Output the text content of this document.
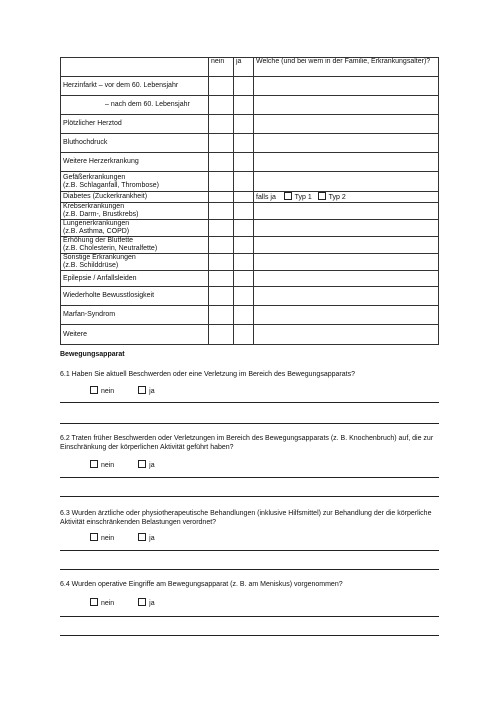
	nein	ja	Welche (und bei wem in der Familie, Erkrankungsalter)?
Herzinfarkt – vor dem 60. Lebensjahr			

– nach dem 60. Lebensjahr			

Plötzlicher Herztod			
Bluthochdruck			
Weitere Herzerkrankung			
Gefäßerkrankungen
(z.B. Schlaganfall, Thrombose)			
Diabetes (Zuckerkrankheit)			falls ja Typ 1 Typ 2
Krebserkrankungen
(z.B. Darm-, Brustkrebs)			
Lungenerkrankungen
(z.B. Asthma, COPD)			
Erhöhung der Blutfette
(z.B. Cholesterin, Neutralfette)			
Sonstige Erkrankungen
(z.B. Schilddrüse)			
Epilepsie / Anfallsleiden			
Wiederholte Bewusstlosigkeit			
Marfan-Syndrom			
Weitere			
Bewegungsapparat
6.1 Haben Sie aktuell Beschwerden oder eine Verletzung im Bereich des Bewegungsapparats?
nein	ja
6.2 Traten früher Beschwerden oder Verletzungen im Bereich des Bewegungsapparats (z. B. Knochenbruch) auf, die zur Einschränkung der körperlichen Aktivität geführt haben?
nein	ja
6.3 Wurden ärztliche oder physiotherapeutische Behandlungen (inklusive Hilfsmittel) zur Behandlung der die körperliche Aktivität einschränkenden Belastungen verordnet?
nein	ja
6.4 Wurden operative Eingriffe am Bewegungsapparat (z. B. am Meniskus) vorgenommen?
nein	ja
